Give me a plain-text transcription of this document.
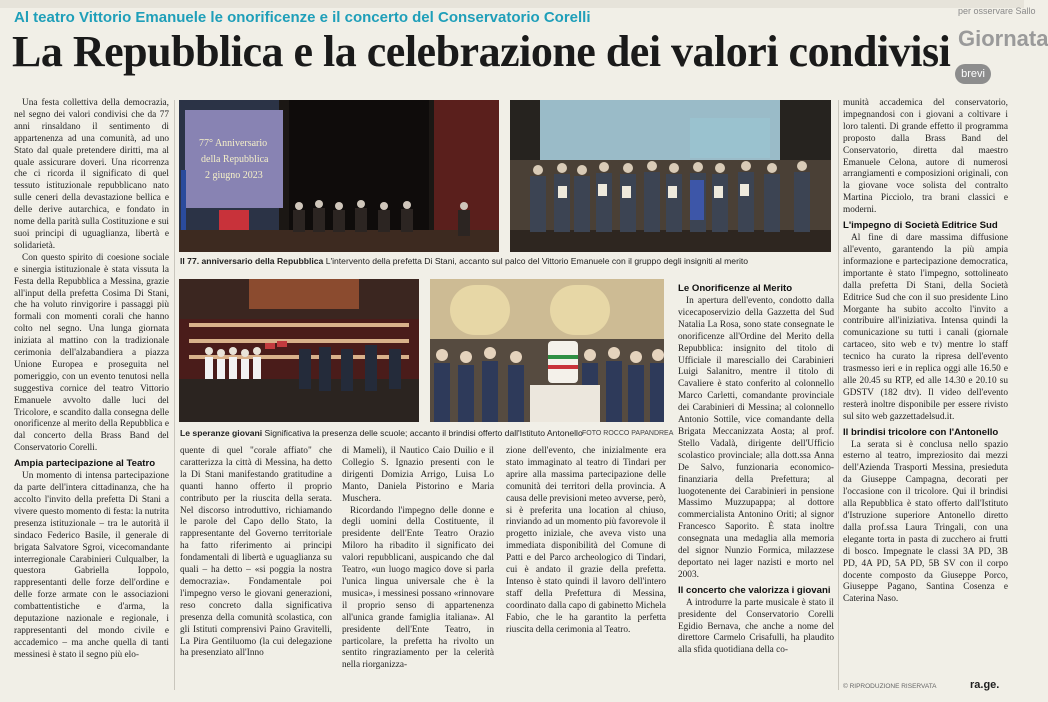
Al teatro Vittorio Emanuele le onorificenze e il concerto del Conservatorio Corelli
La Repubblica e la celebrazione dei valori condivisi
per osservare Sallo
Giornata
brevi

Una festa collettiva della democrazia, nel segno dei valori condivisi che da 77 anni rinsaldano il sentimento di appartenenza ad una comunità, ad uno Stato dal quale pretendere diritti, ma al quale assicurare doveri. Una ricorrenza che ci ricorda il significato di quel tessuto istituzionale repubblicano nato sulle ceneri della devastazione bellica e delle derive autarchica, e fondato in nome della parità sulla Costituzione e sui suoi principi di uguaglianza, libertà e solidarietà.

Con questo spirito di coesione sociale e sinergia istituzionale è stata vissuta la Festa della Repubblica a Messina, grazie all'input della prefetta Cosima Di Stani, che ha voluto rinvigorire i passaggi più formali con momenti corali che hanno colto nel segno. Una lunga giornata iniziata al mattino con la tradizionale cerimonia dell'alzabandiera a piazza Unione Europea e proseguita nel pomeriggio, con un evento tenutosi nella suggestiva cornice del teatro Vittorio Emanuele avvolto dalle luci del Tricolore, e scandito dalla consegna delle onorificenze al merito della Repubblica e dal concerto della Brass Band del Conservatorio Corelli.

Ampia partecipazione al Teatro

Un momento di intensa partecipazione da parte dell'intera cittadinanza, che ha accolto l'invito della prefetta Di Stani a vivere questo momento di festa: la nutrita presenza istituzionale – tra le autorità il sindaco Federico Basile, il generale di brigata Salvatore Sgroi, vicecomandante interregionale Carabinieri Culqualber, la questora Gabriella Ioppolo, rappresentanti delle forze dell'ordine e delle forze armate con le associazioni combattentistiche e d'arma, la deputazione nazionale e regionale, i rappresentanti del mondo civile e accademico – ma anche quella di tanti messinesi è stato il segno più elo-

77° Anniversario
della Repubblica
2 giugno 2023
Il 77. anniversario della Repubblica L'intervento della prefetta Di Stani, accanto sul palco del Vittorio Emanuele con il gruppo degli insigniti al merito
Le speranze giovani Significativa la presenza delle scuole; accanto il brindisi offerto dall'Istituto Antonello FOTO ROCCO PAPANDREA

quente di quel "corale affiato" che caratterizza la città di Messina, ha detto la Di Stani manifestando gratitudine a quanti hanno offerto il proprio contributo per la riuscita della serata. Nel discorso introduttivo, richiamando le parole del Capo dello Stato, la rappresentante del Governo territoriale ha fatto riferimento ai principi fondamentali di libertà e uguaglianza su quali – ha detto – «si poggia la nostra democrazia». Fondamentale poi l'impegno verso le giovani generazioni, reso concreto dalla significativa presenza della comunità scolastica, con gli Istituti comprensivi Paino Gravitelli, La Pira Gentiluomo (la cui delegazione ha presenziato all'Inno

di Mameli), il Nautico Caio Duilio e il Collegio S. Ignazio presenti con le dirigenti Domizia Arrigo, Luisa Lo Manto, Daniela Pistorino e Maria Muschera.

Ricordando l'impegno delle donne e degli uomini della Costituente, il presidente dell'Ente Teatro Orazio Miloro ha ribadito il significato dei valori repubblicani, auspicando che dal Teatro, «un luogo magico dove si parla l'unica lingua universale che è la musica», i messinesi possano «rinnovare il proprio senso di appartenenza all'unica grande famiglia italiana». Al presidente dell'Ente Teatro, in particolare, la prefetta ha rivolto un sentito ringraziamento per la celerità nella riorganizza-

zione dell'evento, che inizialmente era stato immaginato al teatro di Tindari per aprire alla massima partecipazione delle comunità dei territori della provincia. A causa delle previsioni meteo avverse, però, si è preferita una location al chiuso, rinviando ad un momento più favorevole il progetto iniziale, che aveva visto una immediata disponibilità del Comune di Patti e del Parco archeologico di Tindari, cui è andato il grazie della prefetta. Intenso è stato quindi il lavoro dell'intero staff della Prefettura di Messina, coordinato dalla capo di gabinetto Michela Fabio, che le ha garantito la perfetta riuscita della cerimonia al Teatro.

Le Onorificenze al Merito

In apertura dell'evento, condotto dalla vicecaposervizio della Gazzetta del Sud Natalia La Rosa, sono state consegnate le onorificenze all'Ordine del Merito della Repubblica: insignito del titolo di Ufficiale il maresciallo dei Carabinieri Luigi Salanitro, mentre il titolo di Cavaliere è stato conferito al colonnello Marco Carletti, comandante provinciale dei Carabinieri di Messina; al colonnello Antonio Sottile, vice comandante della Brigata Meccanizzata Aosta; al prof. Stello Vadalà, dirigente dell'Ufficio scolastico provinciale; alla dott.ssa Anna De Salvo, funzionaria economico-finanziaria della Prefettura; al luogotenente dei Carabinieri in pensione Massimo Muzzupappa; al dottore commercialista Antonino Oriti; al signor Francesco Saporito. È stata inoltre consegnata una medaglia alla memoria del signor Nunzio Formica, milazzese deportato nei lager nazisti e morto nel 2003.

Il concerto che valorizza i giovani

A introdurre la parte musicale è stato il presidente del Conservatorio Corelli Egidio Bernava, che anche a nome del direttore Carmelo Crisafulli, ha plaudito alla sfida quotidiana della co-

munità accademica del conservatorio, impegnandosi con i giovani a coltivare i loro talenti. Di grande effetto il programma proposto dalla Brass Band del Conservatorio, diretta dal maestro Emanuele Celona, autore di numerosi arrangiamenti e composizioni originali, con la giovane voce solista del contralto Martina Picciolo, tra brani classici e moderni.

L'impegno di Società Editrice Sud

Al fine di dare massima diffusione all'evento, garantendo la più ampia informazione e partecipazione democratica, importante è stato l'impegno, sottolineato dalla prefetta Di Stani, della Società Editrice Sud che con il suo presidente Lino Morgante ha subito accolto l'invito a contribuire all'iniziativa. Intensa quindi la comunicazione su tutti i canali (giornale cartaceo, sito web e tv) mentre lo staff tecnico ha curato la ripresa dell'evento trasmesso ieri e in replica oggi alle 16.50 e alle 20.45 su RTP, ed alle 14.30 e 20.10 su GDSTV (182 dtv). Il video dell'evento resterà inoltre disponibile per essere rivisto sul sito web gazzettadelsud.it.

Il brindisi tricolore con l'Antonello

La serata si è conclusa nello spazio esterno al teatro, impreziosito dai mezzi dell'Azienda Trasporti Messina, presieduta da Giuseppe Campagna, decorati per l'occasione con il tricolore. Qui il brindisi alla Repubblica è stato offerto dall'Istituto d'Istruzione superiore Antonello diretto dalla prof.ssa Laura Tringali, con una elegante torta in pasta di zucchero ai frutti di bosco. Impegnate le classi 3A PD, 3B PD, 4A PD, 5A PD, 5B SV con il corpo docente composto da Giuseppe Porco, Giuseppe Pagano, Santina Cosenza e Caterina Naso.

© RIPRODUZIONE RISERVATA	ra.ge.
